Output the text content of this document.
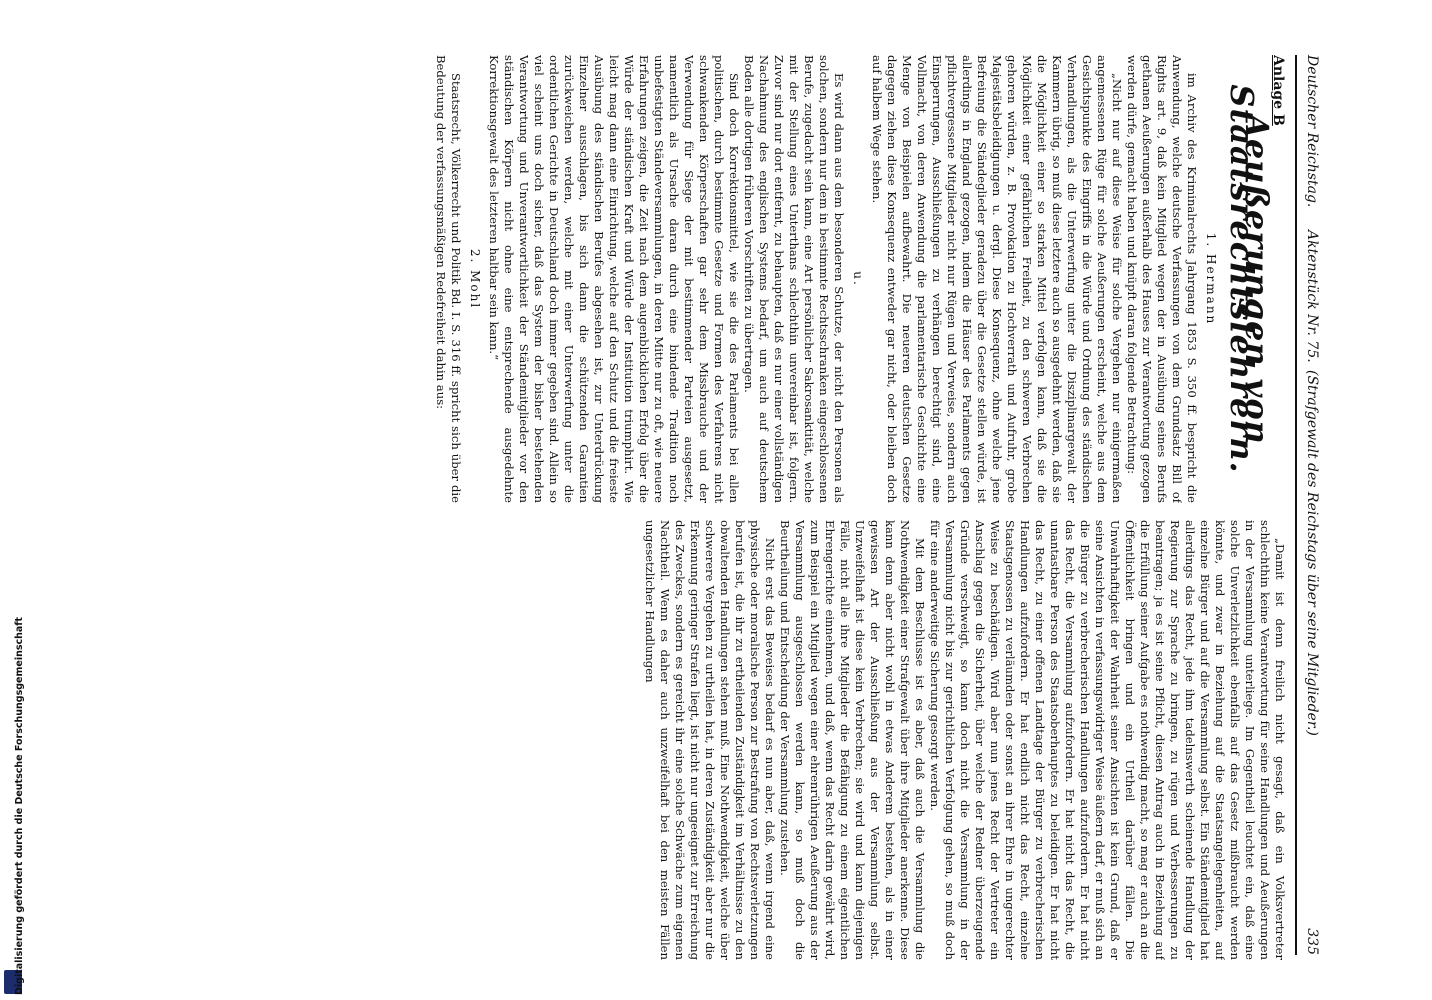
Deutscher Reichstag.
Aktenstück Nr. 75.
(Strafgewalt des Reichstags über seine Mitglieder.)
335
Anlage B
Aeußerungen von Staatsrechtslehrern.

1. Hermann

im Archiv des Kriminalrechts Jahrgang 1853 S. 350 ff. bespricht die Anwendung, welche deutsche Verfassungen von dem Grundsatz Bill of Rights art. 9, daß kein Mitglied wegen der in Ausübung seines Berufs gethanen Aeußerungen außerhalb des Hauses zur Verantwortung gezogen werden dürfe, gemacht haben und knüpft daran folgende Betrachtung:

„Nicht nur auf diese Weise für solche Vergehen nur einigermaßen angemessenen Rüge für solche Aeußerungen erscheint, welche aus dem Gesichtspunkte des Eingriffs in die Würde und Ordnung des ständischen Verhandlungen, als die Unterwerfung unter die Disziplinargewalt der Kammern übrig, so muß diese letztere auch so ausgedehnt werden, daß sie die Möglichkeit einer so starken Mittel verfolgen kann, daß sie die Möglichkeit einer gefährlichen Freiheit, zu den schweren Verbrechen gehoren würden, z. B. Provokation zu Hochverrath und Aufruhr, grobe Majestätsbeleidigungen u. dergl. Diese Konsequenz, ohne welche jene Befreiung die Ständeglieder geradezu über die Gesetze stellen würde, ist allerdings in England gezogen, indem die Häuser des Parlaments gegen pflichtvergessene Mitglieder nicht nur Rügen und Verweise, sondern auch Einsperrungen, Ausschließungen zu verhängen berechtigt sind, eine Vollmacht, von deren Anwendung die parlamentarische Geschichte eine Menge von Beispielen aufbewahrt. Die neueren deutschen Gesetze dagegen ziehen diese Konsequenz entweder gar nicht, oder bleiben doch auf halbem Wege stehen.

u.

Es wird dann aus dem besonderen Schutze, der nicht den Personen als solchen, sondern nur dem in bestimmte Rechtsschranken eingeschlossenen Berufe, zugedacht sein kann, eine Art persönlicher Sakrosanktität, welche mit der Stellung eines Unterthans schlechthin unvereinbar ist, folgern. Zuvor sind nur dort entfernt, zu behaupten, daß es nur einer vollständigen Nachahmung des englischen Systems bedarf, um auch auf deutschem Boden alle dortigen früheren Vorschriften zu übertragen.

Sind doch Korrektionsmittel, wie sie die des Parlaments bei allen politischen, durch bestimmte Gesetze und Formen des Verfahrens nicht schwankenden Körperschaften gar sehr dem Missbrauche und der Verwendung für Siege der mit bestimmender Parteien ausgesetzt, namentlich als Ursache daran durch eine bindende Tradition noch unbefestigten Ständeversammlungen, in deren Mitte nur zu oft, wie neuere Erfahrungen zeigen, die Zeit nach dem augenblicklichen Erfolg über die Würde der ständischen Kraft und Würde der Institution triumphirt. Wie leicht mag dann eine Einrichtung, welche auf den Schutz und die freieste Ausübung des ständischen Berufes abgesehen ist, zur Unterdrückung Einzelner ausschlagen, bis sich dann die schützenden Garantien zurückweichen werden, welche mit einer Unterwerfung unter die ordentlichen Gerichte in Deutschland doch immer gegeben sind. Allein so viel scheint uns doch sicher, daß das System der bisher bestehenden Verantwortung und Unverantwortlichkeit der Ständemitglieder vor den ständischen Körpern nicht ohne eine entsprechende ausgedehnte Korrektionsgewalt des letzteren haltbar sein kann.“

2. Mohl

Staatsrecht, Völkerrecht und Politik Bd. I. S. 316 ff. spricht sich über die Bedeutung der verfassungsmäßigen Redefreiheit dahin aus:

„Damit ist denn freilich nicht gesagt, daß ein Volksvertreter schlechthin keine Verantwortung für seine Handlungen und Aeußerungen in der Versammlung unterliege. Im Gegentheil leuchtet ein, daß eine solche Unverletzlichkeit ebenfalls auf das Gesetz mißbraucht werden könnte, und zwar in Beziehung auf die Staatsangelegenheiten, auf einzelne Bürger und auf die Versammlung selbst. Ein Ständemitglied hat allerdings das Recht, jede ihm tadelnswerth scheinende Handlung der Regierung zur Sprache zu bringen, zu rügen und Verbesserungen zu beantragen; ja es ist seine Pflicht, diesen Antrag auch in Beziehung auf die Erfüllung seiner Aufgabe es nothwendig macht, so mag er auch an die Öffentlichkeit bringen und ein Urtheil darüber fällen. Die Unwahrhaftigkeit der Wahrheit seiner Ansichten ist kein Grund, daß er seine Ansichten in verfassungswidriger Weise äußern darf, er muß sich an die Bürger zu verbrecherischen Handlungen aufzufordern. Er hat nicht das Recht, die Versammlung aufzufordern. Er hat nicht das Recht, die unantastbare Person des Staatsoberhauptes zu beleidigen. Er hat nicht das Recht, zu einer offenen Landtage der Bürger zu verbrecherischen Handlungen aufzufordern. Er hat endlich nicht das Recht, einzelne Staatsgenossen zu verläumden oder sonst an ihrer Ehre in ungerechter Weise zu beschädigen. Wird aber nun jenes Recht der Vertreter ein Anschlag gegen die Sicherheit, über welche der Redner überzeugende Gründe verschweigt, so kann doch nicht die Versammlung in der Versammlung nicht bis zur gerichtlichen Verfolgung gehen, so muß doch für eine anderweitige Sicherung gesorgt werden.

Mit dem Beschlusse ist es aber, daß auch die Versammlung die Nothwendigkeit einer Strafgewalt über ihre Mitglieder anerkenne. Diese kann denn aber nicht wohl in etwas Anderem bestehen, als in einer gewissen Art der Ausschließung aus der Versammlung selbst. Unzweifelhaft ist diese kein Verbrechen; sie wird und kann diejenigen Fälle, nicht alle ihre Mitglieder die Befähigung zu einem eigentlichen Ehrengerichte einnehmen, und daß, wenn das Recht darin gewährt wird, zum Beispiel ein Mitglied wegen einer ehrenrührigen Aeußerung aus der Versammlung ausgeschlossen werden kann, so muß doch die Beurtheilung und Entscheidung der Versammlung zustehen.

Nicht erst das Beweises bedarf es nun aber, daß, wenn irgend eine physische oder moralische Person zur Bestrafung von Rechtsverletzungen berufen ist, die ihr zu ertheilenden Zuständigkeit im Verhältnisse zu den obwaltenden Handlungen stehen muß. Eine Nothwendigkeit, welche über schwerere Vergehen zu urtheilen hat, in deren Zuständigkeit aber nur die Erkennung geringer Strafen liegt, ist nicht nur ungeeignet zur Erreichung des Zweckes, sondern es gereicht ihr eine solche Schwäche zum eigenen Nachtheil. Wenn es daher auch unzweifelhaft bei den meisten Fällen ungesetzlicher Handlungen

Digitalisierung gefördert durch die Deutsche Forschungsgemeinschaft
